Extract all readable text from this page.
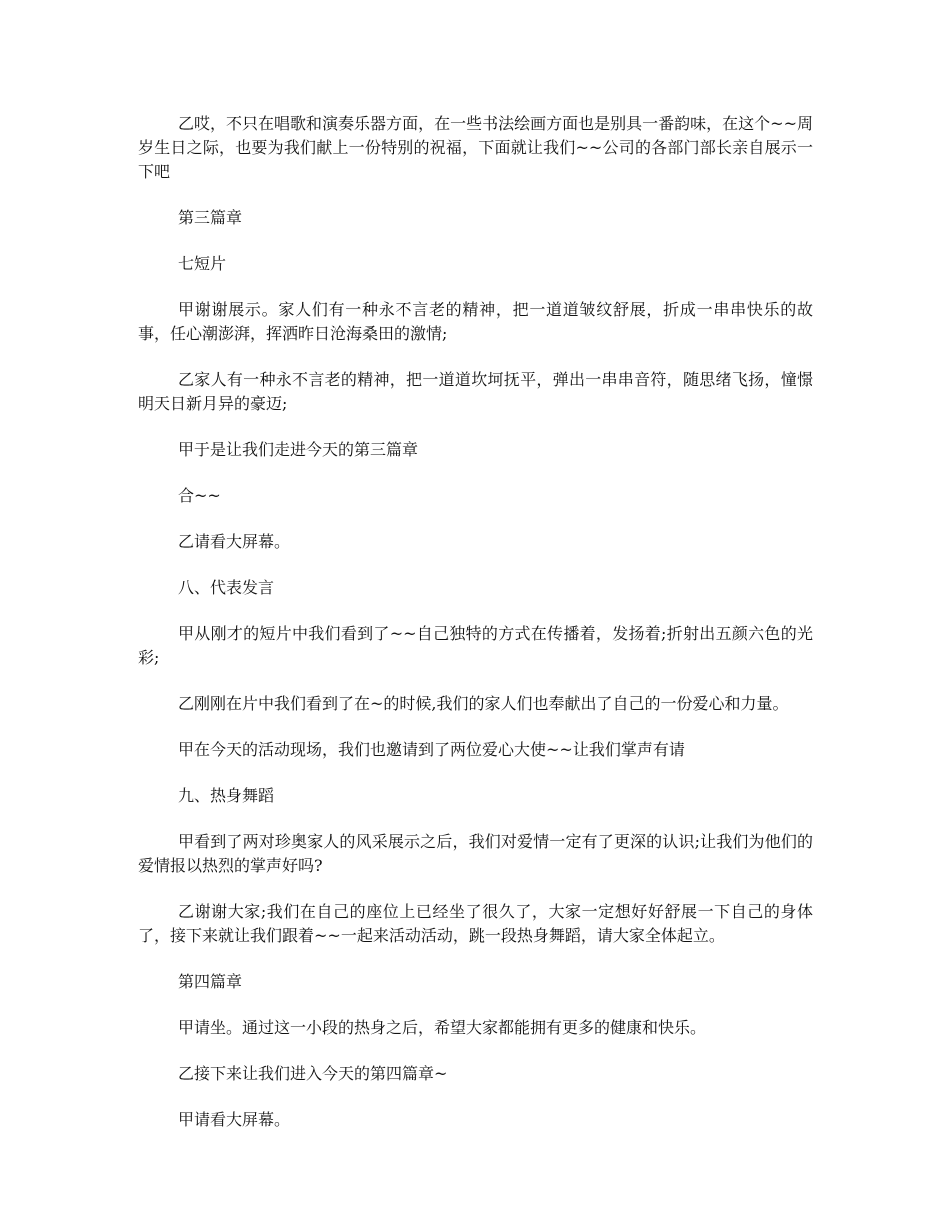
乙哎，不只在唱歌和演奏乐器方面，在一些书法绘画方面也是别具一番韵味，在这个~~周岁生日之际，也要为我们献上一份特别的祝福，下面就让我们~~公司的各部门部长亲自展示一下吧

第三篇章

七短片

甲谢谢展示。家人们有一种永不言老的精神，把一道道皱纹舒展，折成一串串快乐的故事，任心潮澎湃，挥洒昨日沧海桑田的激情;

乙家人有一种永不言老的精神，把一道道坎坷抚平，弹出一串串音符，随思绪飞扬，憧憬明天日新月异的豪迈;

甲于是让我们走进今天的第三篇章

合~~

乙请看大屏幕。

八、代表发言

甲从刚才的短片中我们看到了~~自己独特的方式在传播着，发扬着;折射出五颜六色的光彩;

乙刚刚在片中我们看到了在~的时候,我们的家人们也奉献出了自己的一份爱心和力量。

甲在今天的活动现场，我们也邀请到了两位爱心大使~~让我们掌声有请

九、热身舞蹈

甲看到了两对珍奥家人的风采展示之后，我们对爱情一定有了更深的认识;让我们为他们的爱情报以热烈的掌声好吗?

乙谢谢大家;我们在自己的座位上已经坐了很久了，大家一定想好好舒展一下自己的身体了，接下来就让我们跟着~~一起来活动活动，跳一段热身舞蹈，请大家全体起立。

第四篇章

甲请坐。通过这一小段的热身之后，希望大家都能拥有更多的健康和快乐。

乙接下来让我们进入今天的第四篇章~

甲请看大屏幕。
